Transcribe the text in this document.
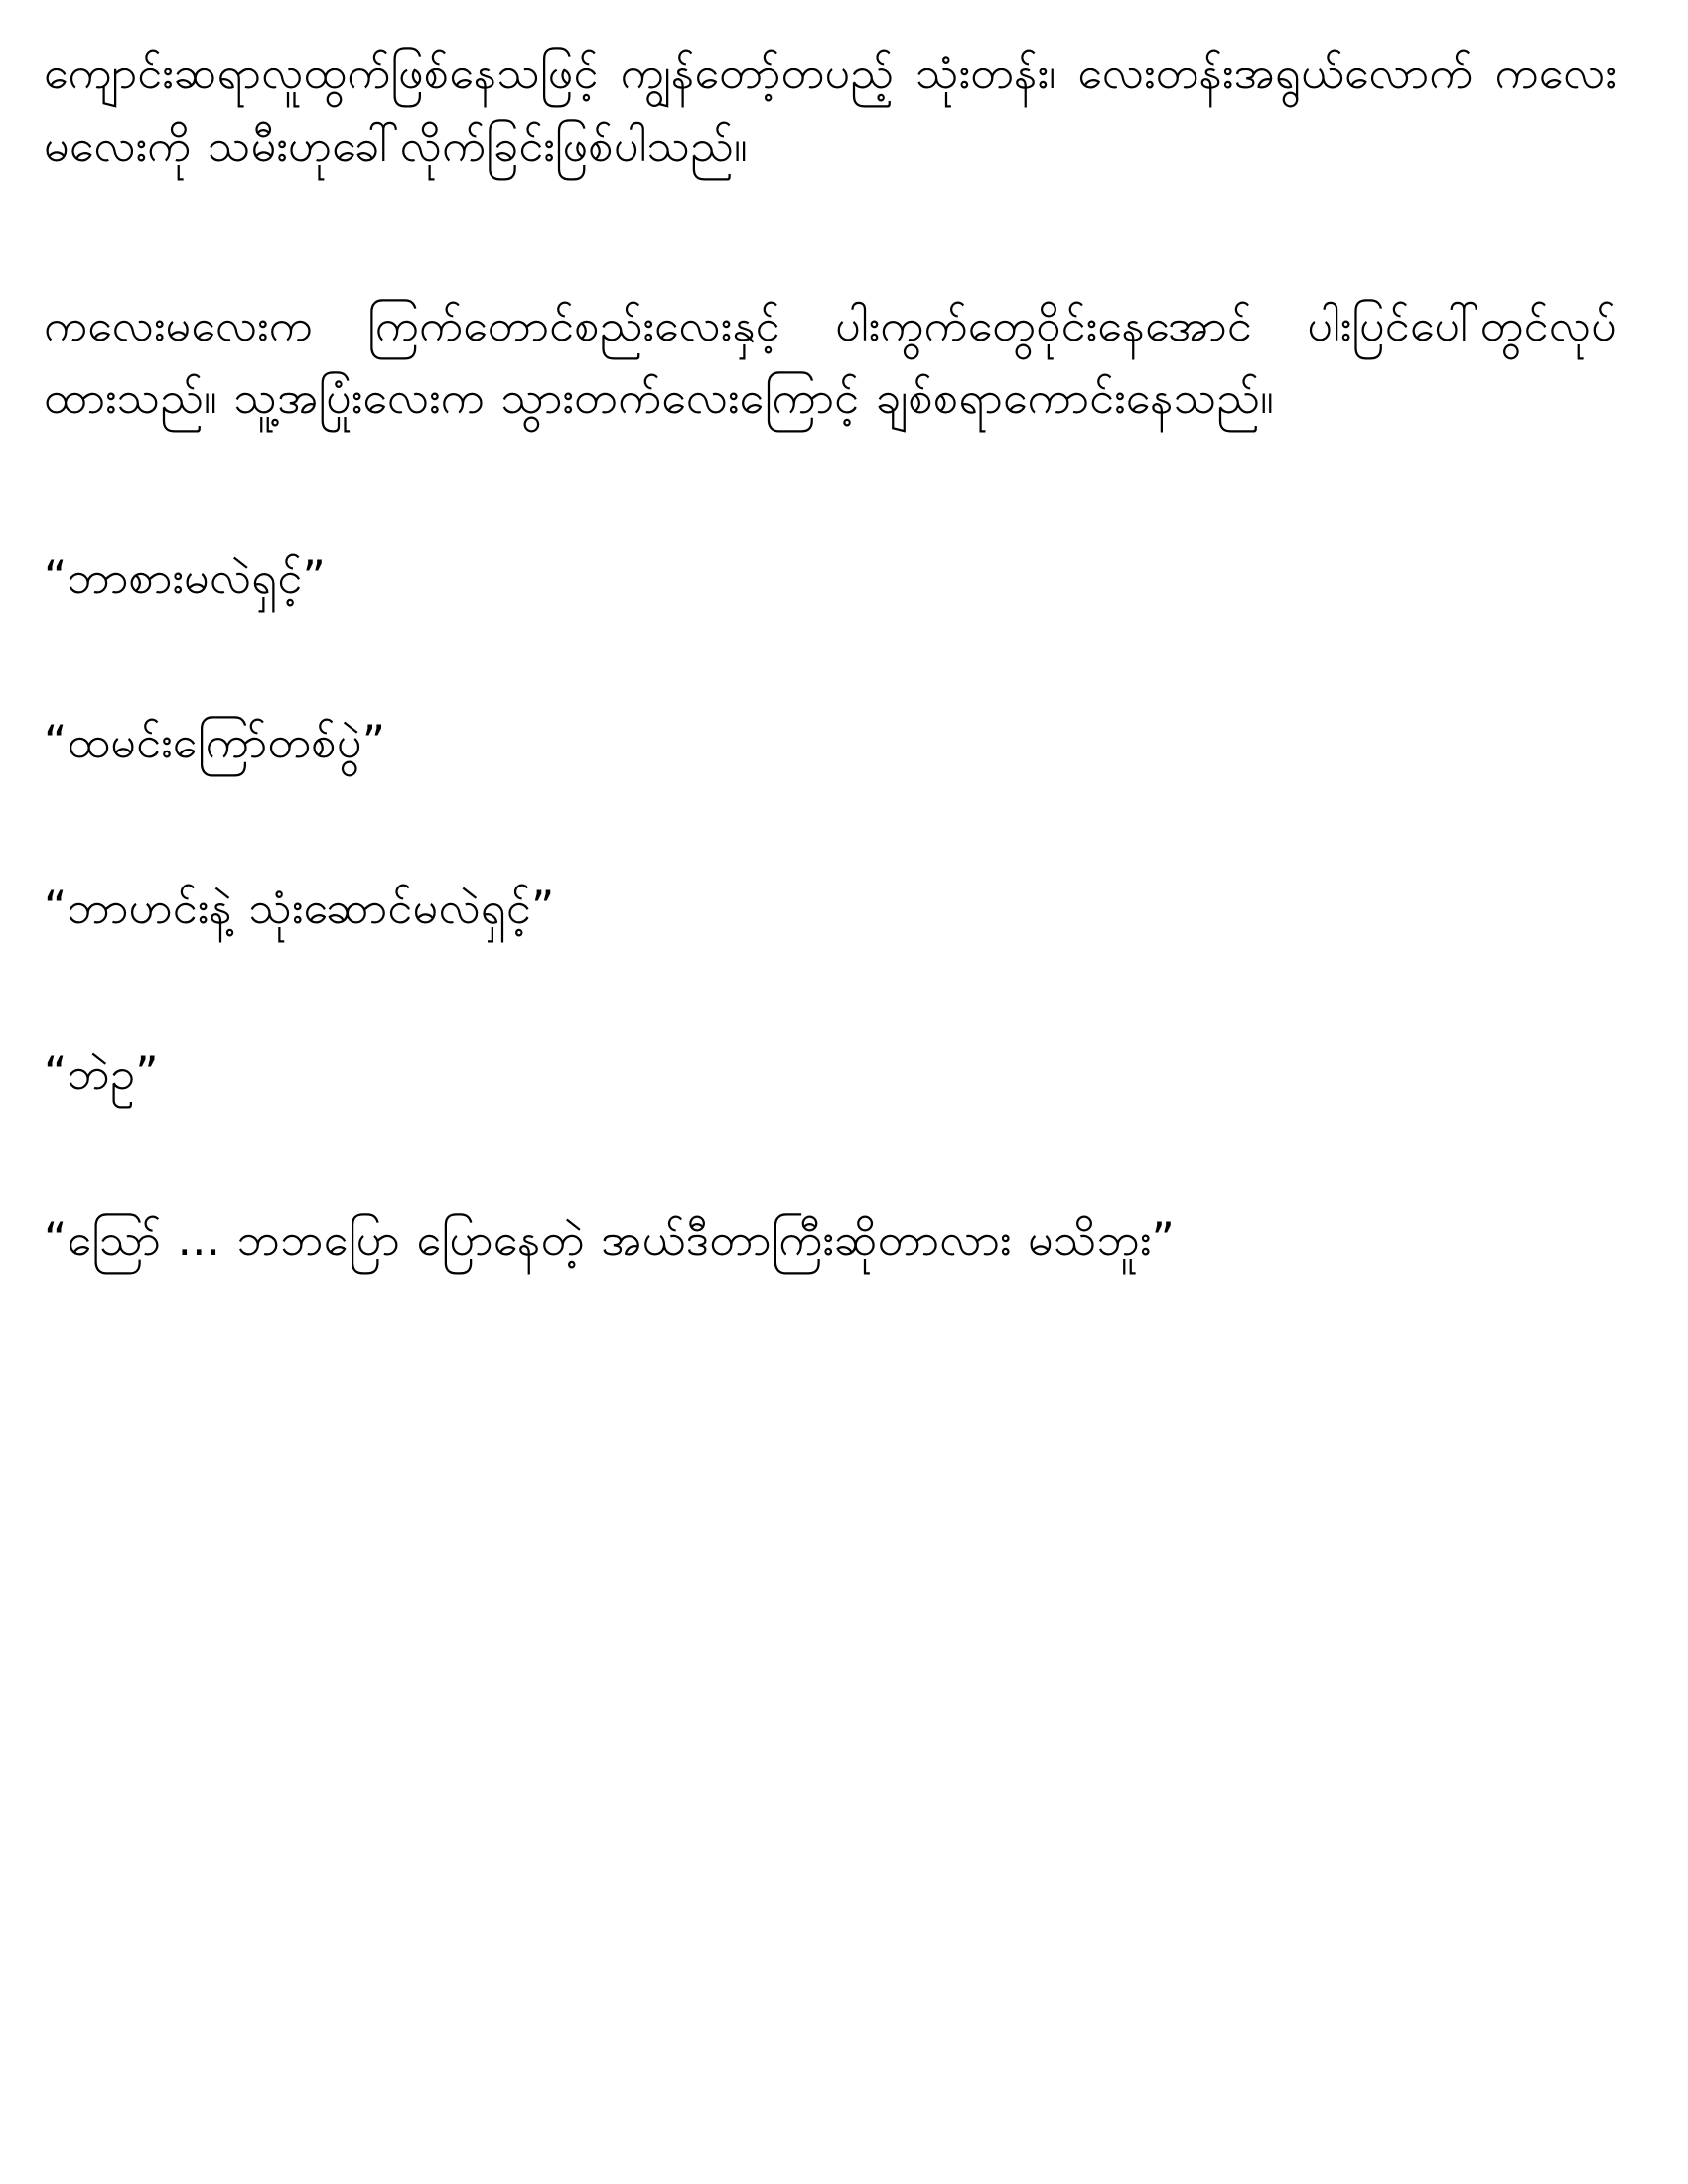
ကျောင်းဆရာလူထွက်ဖြစ်နေသဖြင့် ကျွန်တော့်တပည့် သုံးတန်း၊ လေးတန်းအရွယ်လောက် ကလေးမလေးကို သမီးဟုခေါ်လိုက်ခြင်းဖြစ်ပါသည်။

ကလေးမလေးက ကြက်တောင်စည်းလေးနှင့် ပါးကွက်တွေဝိုင်းနေအောင် ပါးပြင်ပေါ်တွင်လုပ်ထားသည်။ သူ့အပြုံးလေးက သွားတက်လေးကြောင့် ချစ်စရာကောင်းနေသည်။

“ဘာစားမလဲရှင့်”

“ထမင်းကြော်တစ်ပွဲ”

“ဘာဟင်းနဲ့ သုံးဆောင်မလဲရှင့်”

“ဘဲဥ”

“ဪ ... ဘဘပြော ပြောနေတဲ့ အယ်ဒီတာကြီးဆိုတာလား မသိဘူး”
